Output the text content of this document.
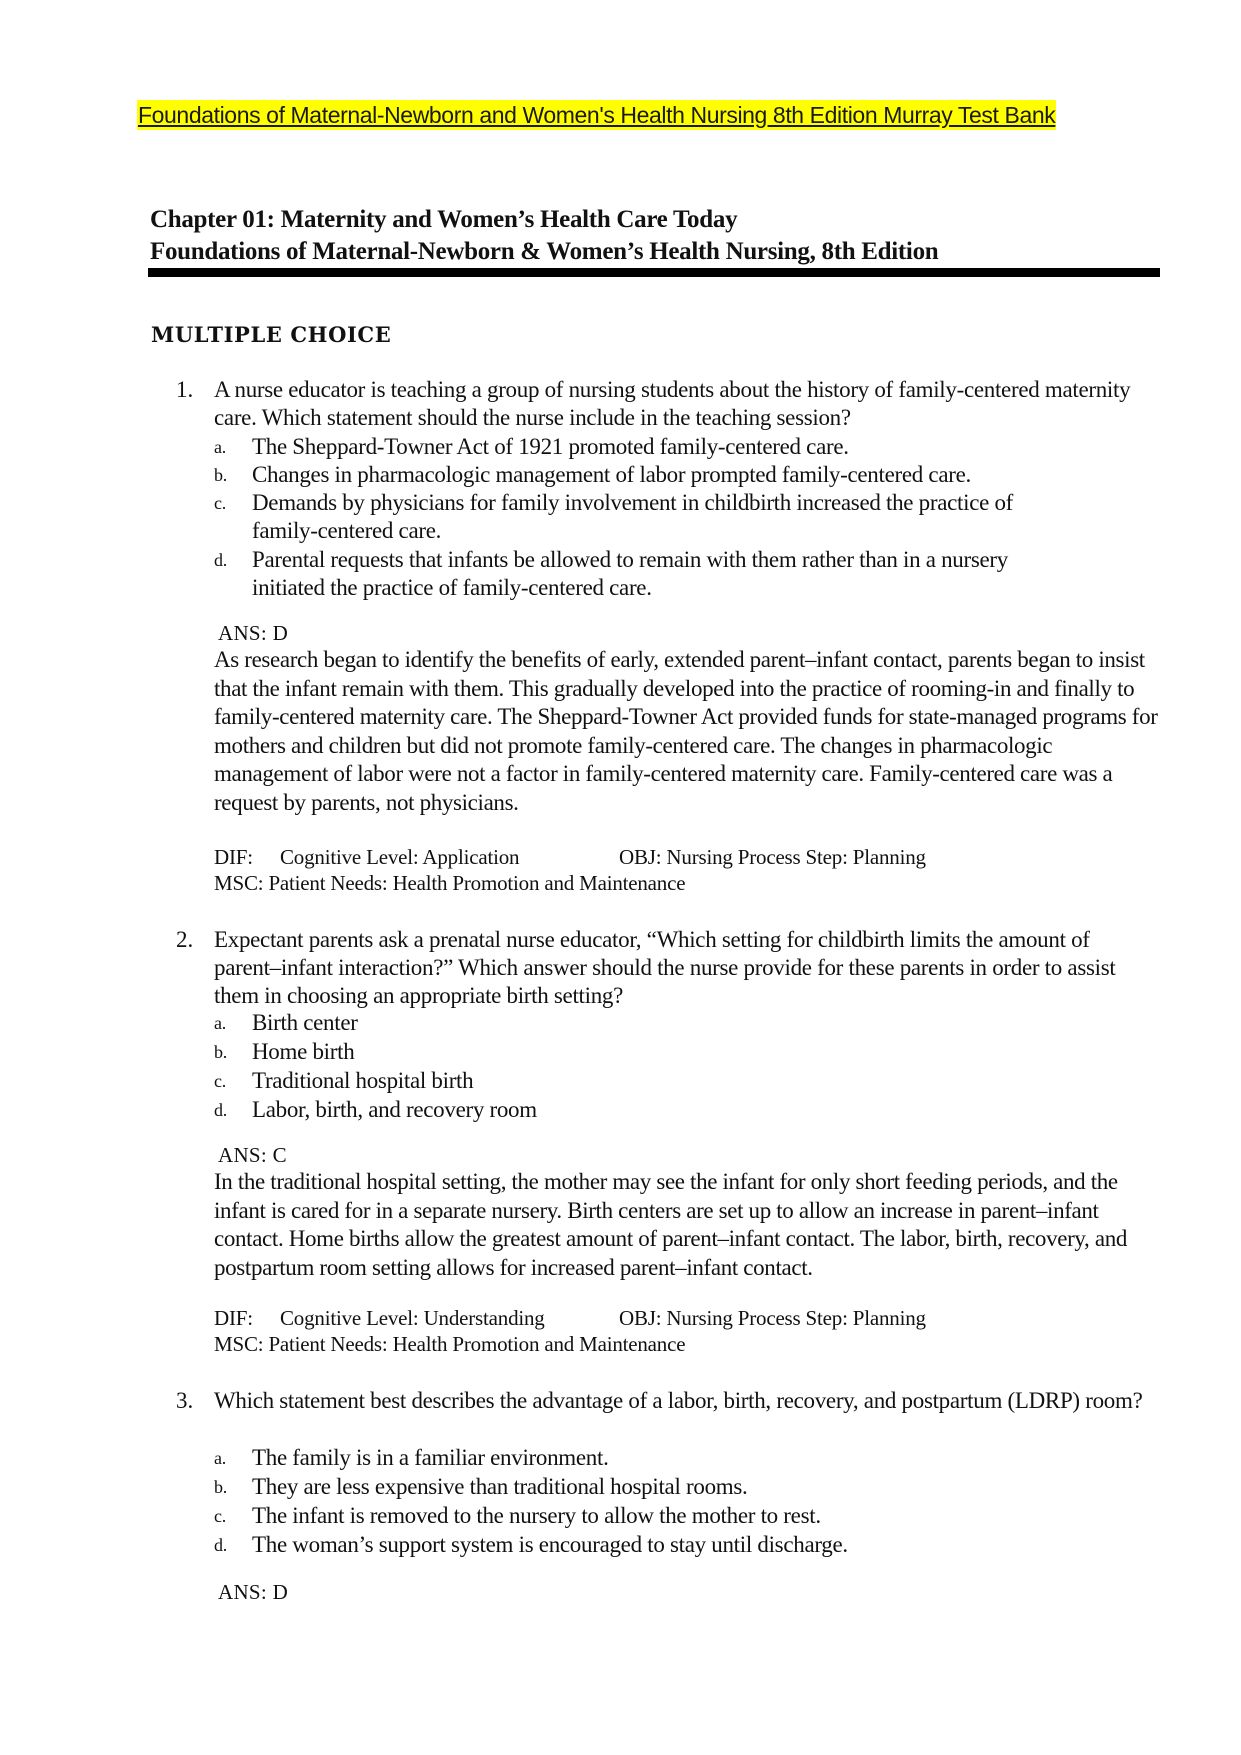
Foundations of Maternal-Newborn and Women's Health Nursing 8th Edition Murray Test Bank
Chapter 01: Maternity and Women’s Health Care Today
Foundations of Maternal-Newborn & Women’s Health Nursing, 8th Edition
MULTIPLE CHOICE
1. A nurse educator is teaching a group of nursing students about the history of family-centered maternity care. Which statement should the nurse include in the teaching session?
a. The Sheppard-Towner Act of 1921 promoted family-centered care.
b. Changes in pharmacologic management of labor prompted family-centered care.
c. Demands by physicians for family involvement in childbirth increased the practice of family-centered care.
d. Parental requests that infants be allowed to remain with them rather than in a nursery initiated the practice of family-centered care.
ANS: D
As research began to identify the benefits of early, extended parent–infant contact, parents began to insist that the infant remain with them. This gradually developed into the practice of rooming-in and finally to family-centered maternity care. The Sheppard-Towner Act provided funds for state-managed programs for mothers and children but did not promote family-centered care. The changes in pharmacologic management of labor were not a factor in family-centered maternity care. Family-centered care was a request by parents, not physicians.
DIF: Cognitive Level: Application	OBJ: Nursing Process Step: Planning
MSC: Patient Needs: Health Promotion and Maintenance
2. Expectant parents ask a prenatal nurse educator, “Which setting for childbirth limits the amount of parent–infant interaction?” Which answer should the nurse provide for these parents in order to assist them in choosing an appropriate birth setting?
a. Birth center
b. Home birth
c. Traditional hospital birth
d. Labor, birth, and recovery room
ANS: C
In the traditional hospital setting, the mother may see the infant for only short feeding periods, and the infant is cared for in a separate nursery. Birth centers are set up to allow an increase in parent–infant contact. Home births allow the greatest amount of parent–infant contact. The labor, birth, recovery, and postpartum room setting allows for increased parent–infant contact.
DIF: Cognitive Level: Understanding	OBJ: Nursing Process Step: Planning
MSC: Patient Needs: Health Promotion and Maintenance
3. Which statement best describes the advantage of a labor, birth, recovery, and postpartum (LDRP) room?
a. The family is in a familiar environment.
b. They are less expensive than traditional hospital rooms.
c. The infant is removed to the nursery to allow the mother to rest.
d. The woman’s support system is encouraged to stay until discharge.
ANS: D
